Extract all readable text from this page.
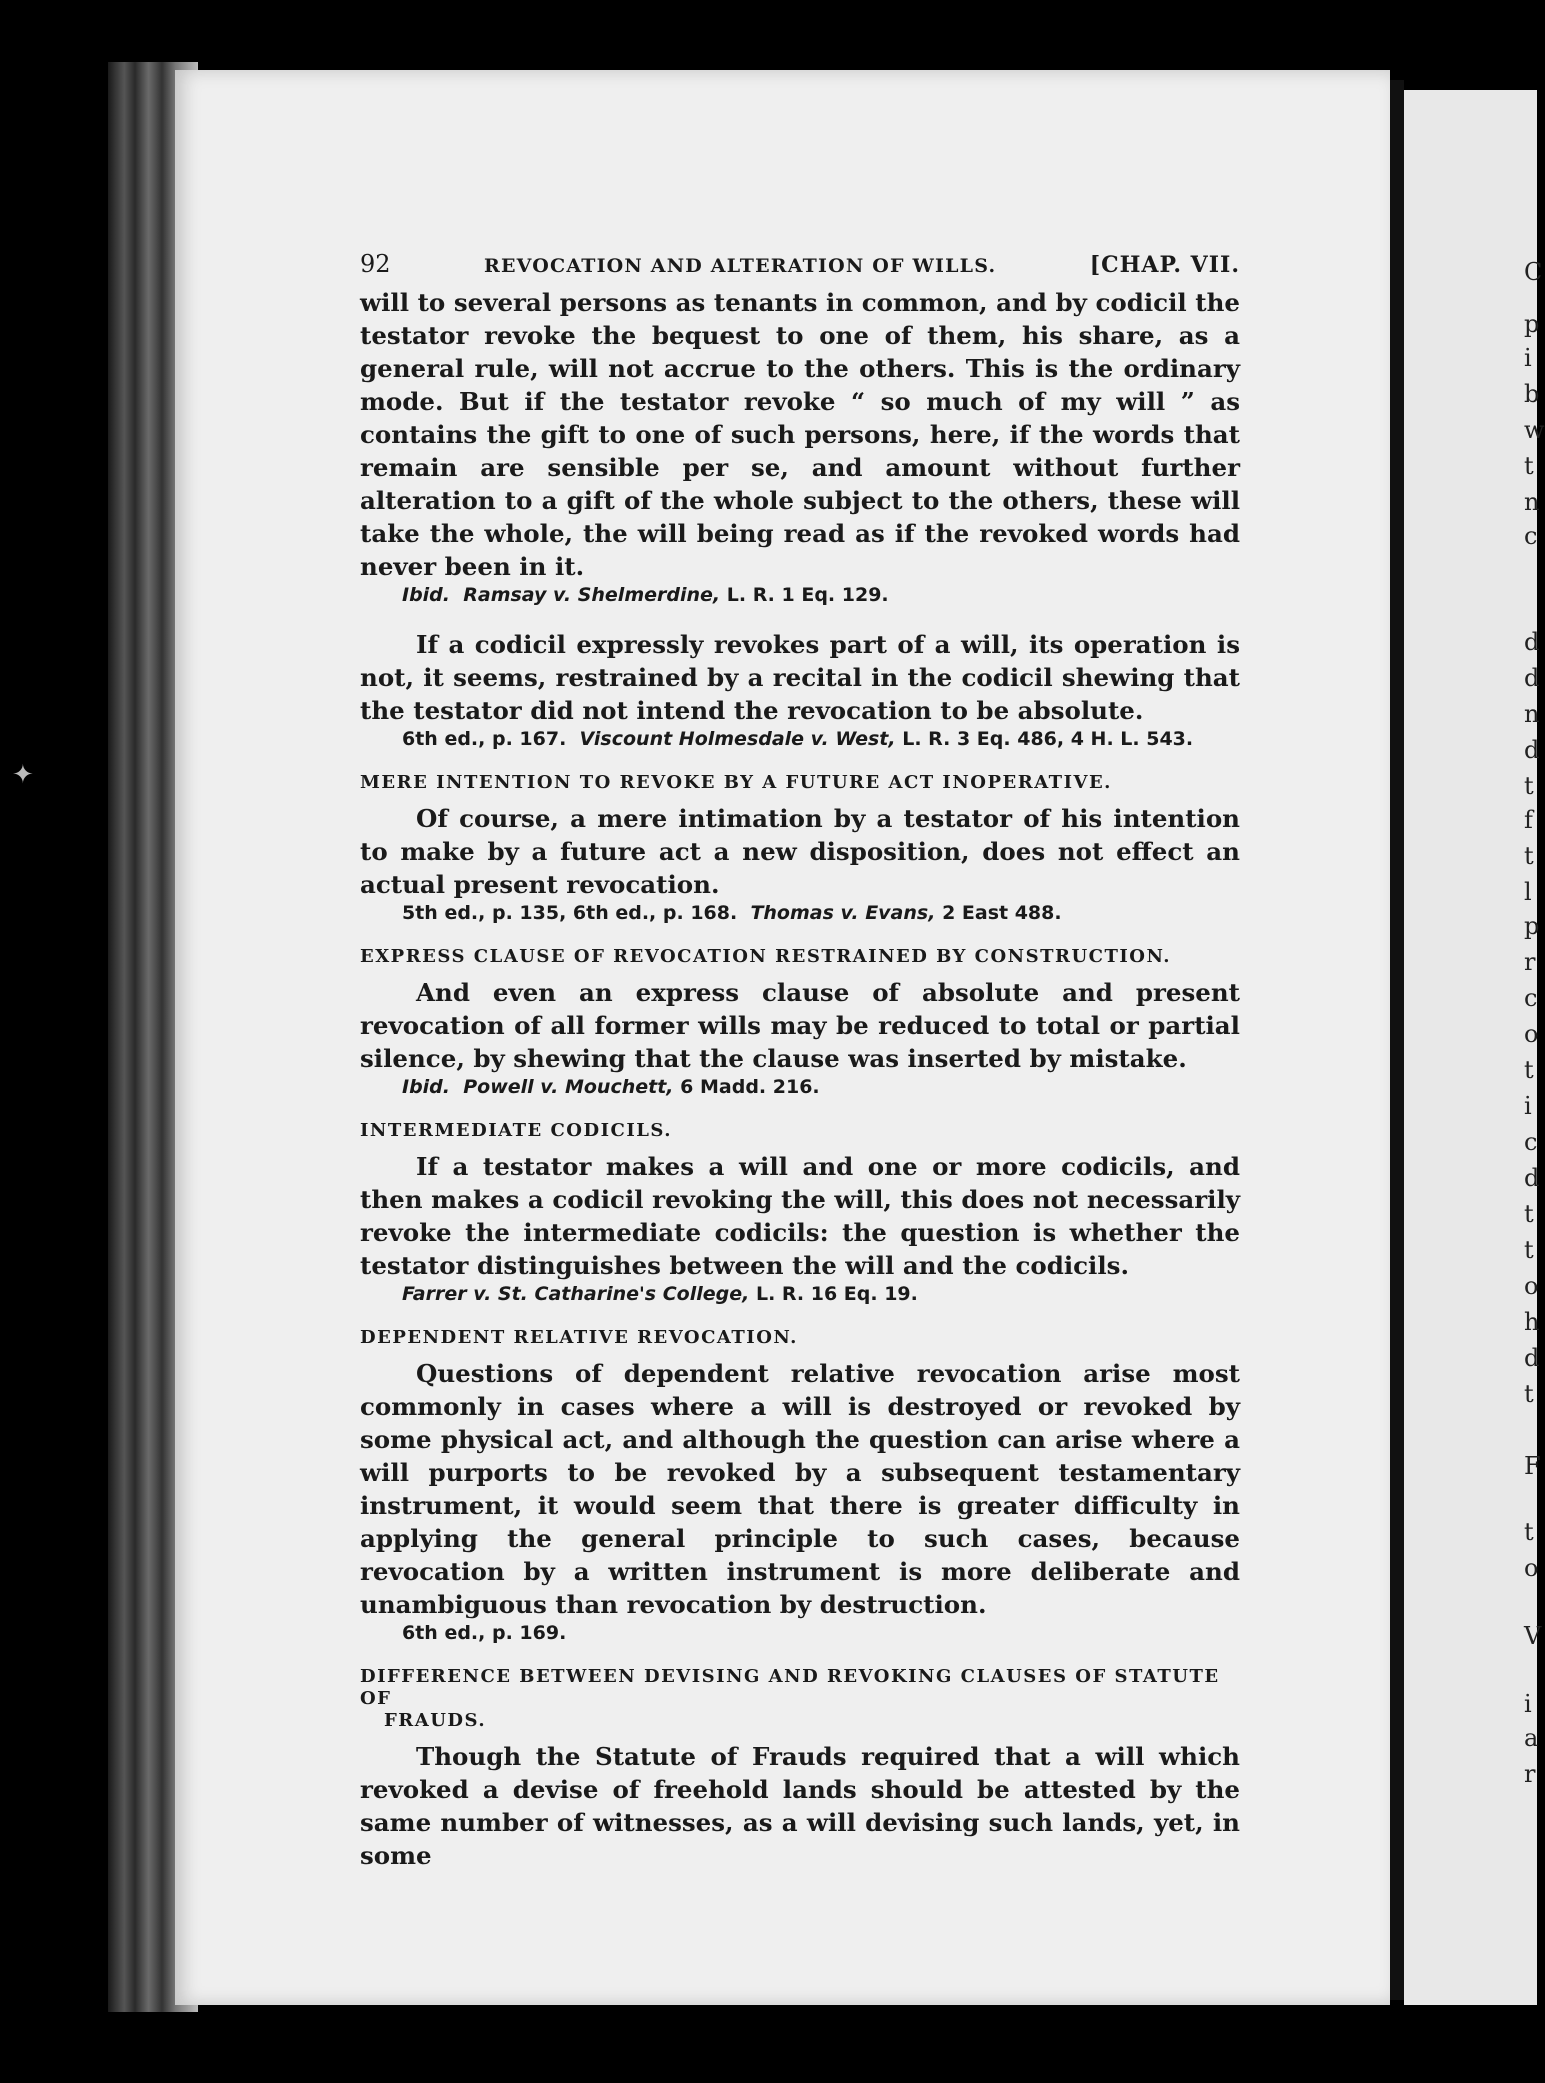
C
p
i
b
w
t
n
c
d
d
n
d
t
f
t
l
p
r
c
o
t
i
c
d
t
t
o
h
d
t
F
t
o
V
i
a
r
✦
92	REVOCATION AND ALTERATION OF WILLS.	[CHAP. VII.

will to several persons as tenants in common, and by codicil the testator revoke the bequest to one of them, his share, as a general rule, will not accrue to the others. This is the ordinary mode. But if the testator revoke “ so much of my will ” as contains the gift to one of such persons, here, if the words that remain are sensible per se, and amount without further alteration to a gift of the whole subject to the others, these will take the whole, the will being read as if the revoked words had never been in it.

Ibid. Ramsay v. Shelmerdine, L. R. 1 Eq. 129.

If a codicil expressly revokes part of a will, its operation is not, it seems, restrained by a recital in the codicil shewing that the testator did not intend the revocation to be absolute.

6th ed., p. 167. Viscount Holmesdale v. West, L. R. 3 Eq. 486, 4 H. L. 543.
MERE INTENTION TO REVOKE BY A FUTURE ACT INOPERATIVE.

Of course, a mere intimation by a testator of his intention to make by a future act a new disposition, does not effect an actual present revocation.

5th ed., p. 135, 6th ed., p. 168. Thomas v. Evans, 2 East 488.
EXPRESS CLAUSE OF REVOCATION RESTRAINED BY CONSTRUCTION.

And even an express clause of absolute and present revocation of all former wills may be reduced to total or partial silence, by shewing that the clause was inserted by mistake.

Ibid. Powell v. Mouchett, 6 Madd. 216.
INTERMEDIATE CODICILS.

If a testator makes a will and one or more codicils, and then makes a codicil revoking the will, this does not necessarily revoke the intermediate codicils: the question is whether the testator distinguishes between the will and the codicils.

Farrer v. St. Catharine's College, L. R. 16 Eq. 19.
DEPENDENT RELATIVE REVOCATION.

Questions of dependent relative revocation arise most commonly in cases where a will is destroyed or revoked by some physical act, and although the question can arise where a will purports to be revoked by a subsequent testamentary instrument, it would seem that there is greater difficulty in applying the general principle to such cases, because revocation by a written instrument is more deliberate and unambiguous than revocation by destruction.

6th ed., p. 169.
DIFFERENCE BETWEEN DEVISING AND REVOKING CLAUSES OF STATUTE OF
FRAUDS.

Though the Statute of Frauds required that a will which revoked a devise of freehold lands should be attested by the same number of witnesses, as a will devising such lands, yet, in some
